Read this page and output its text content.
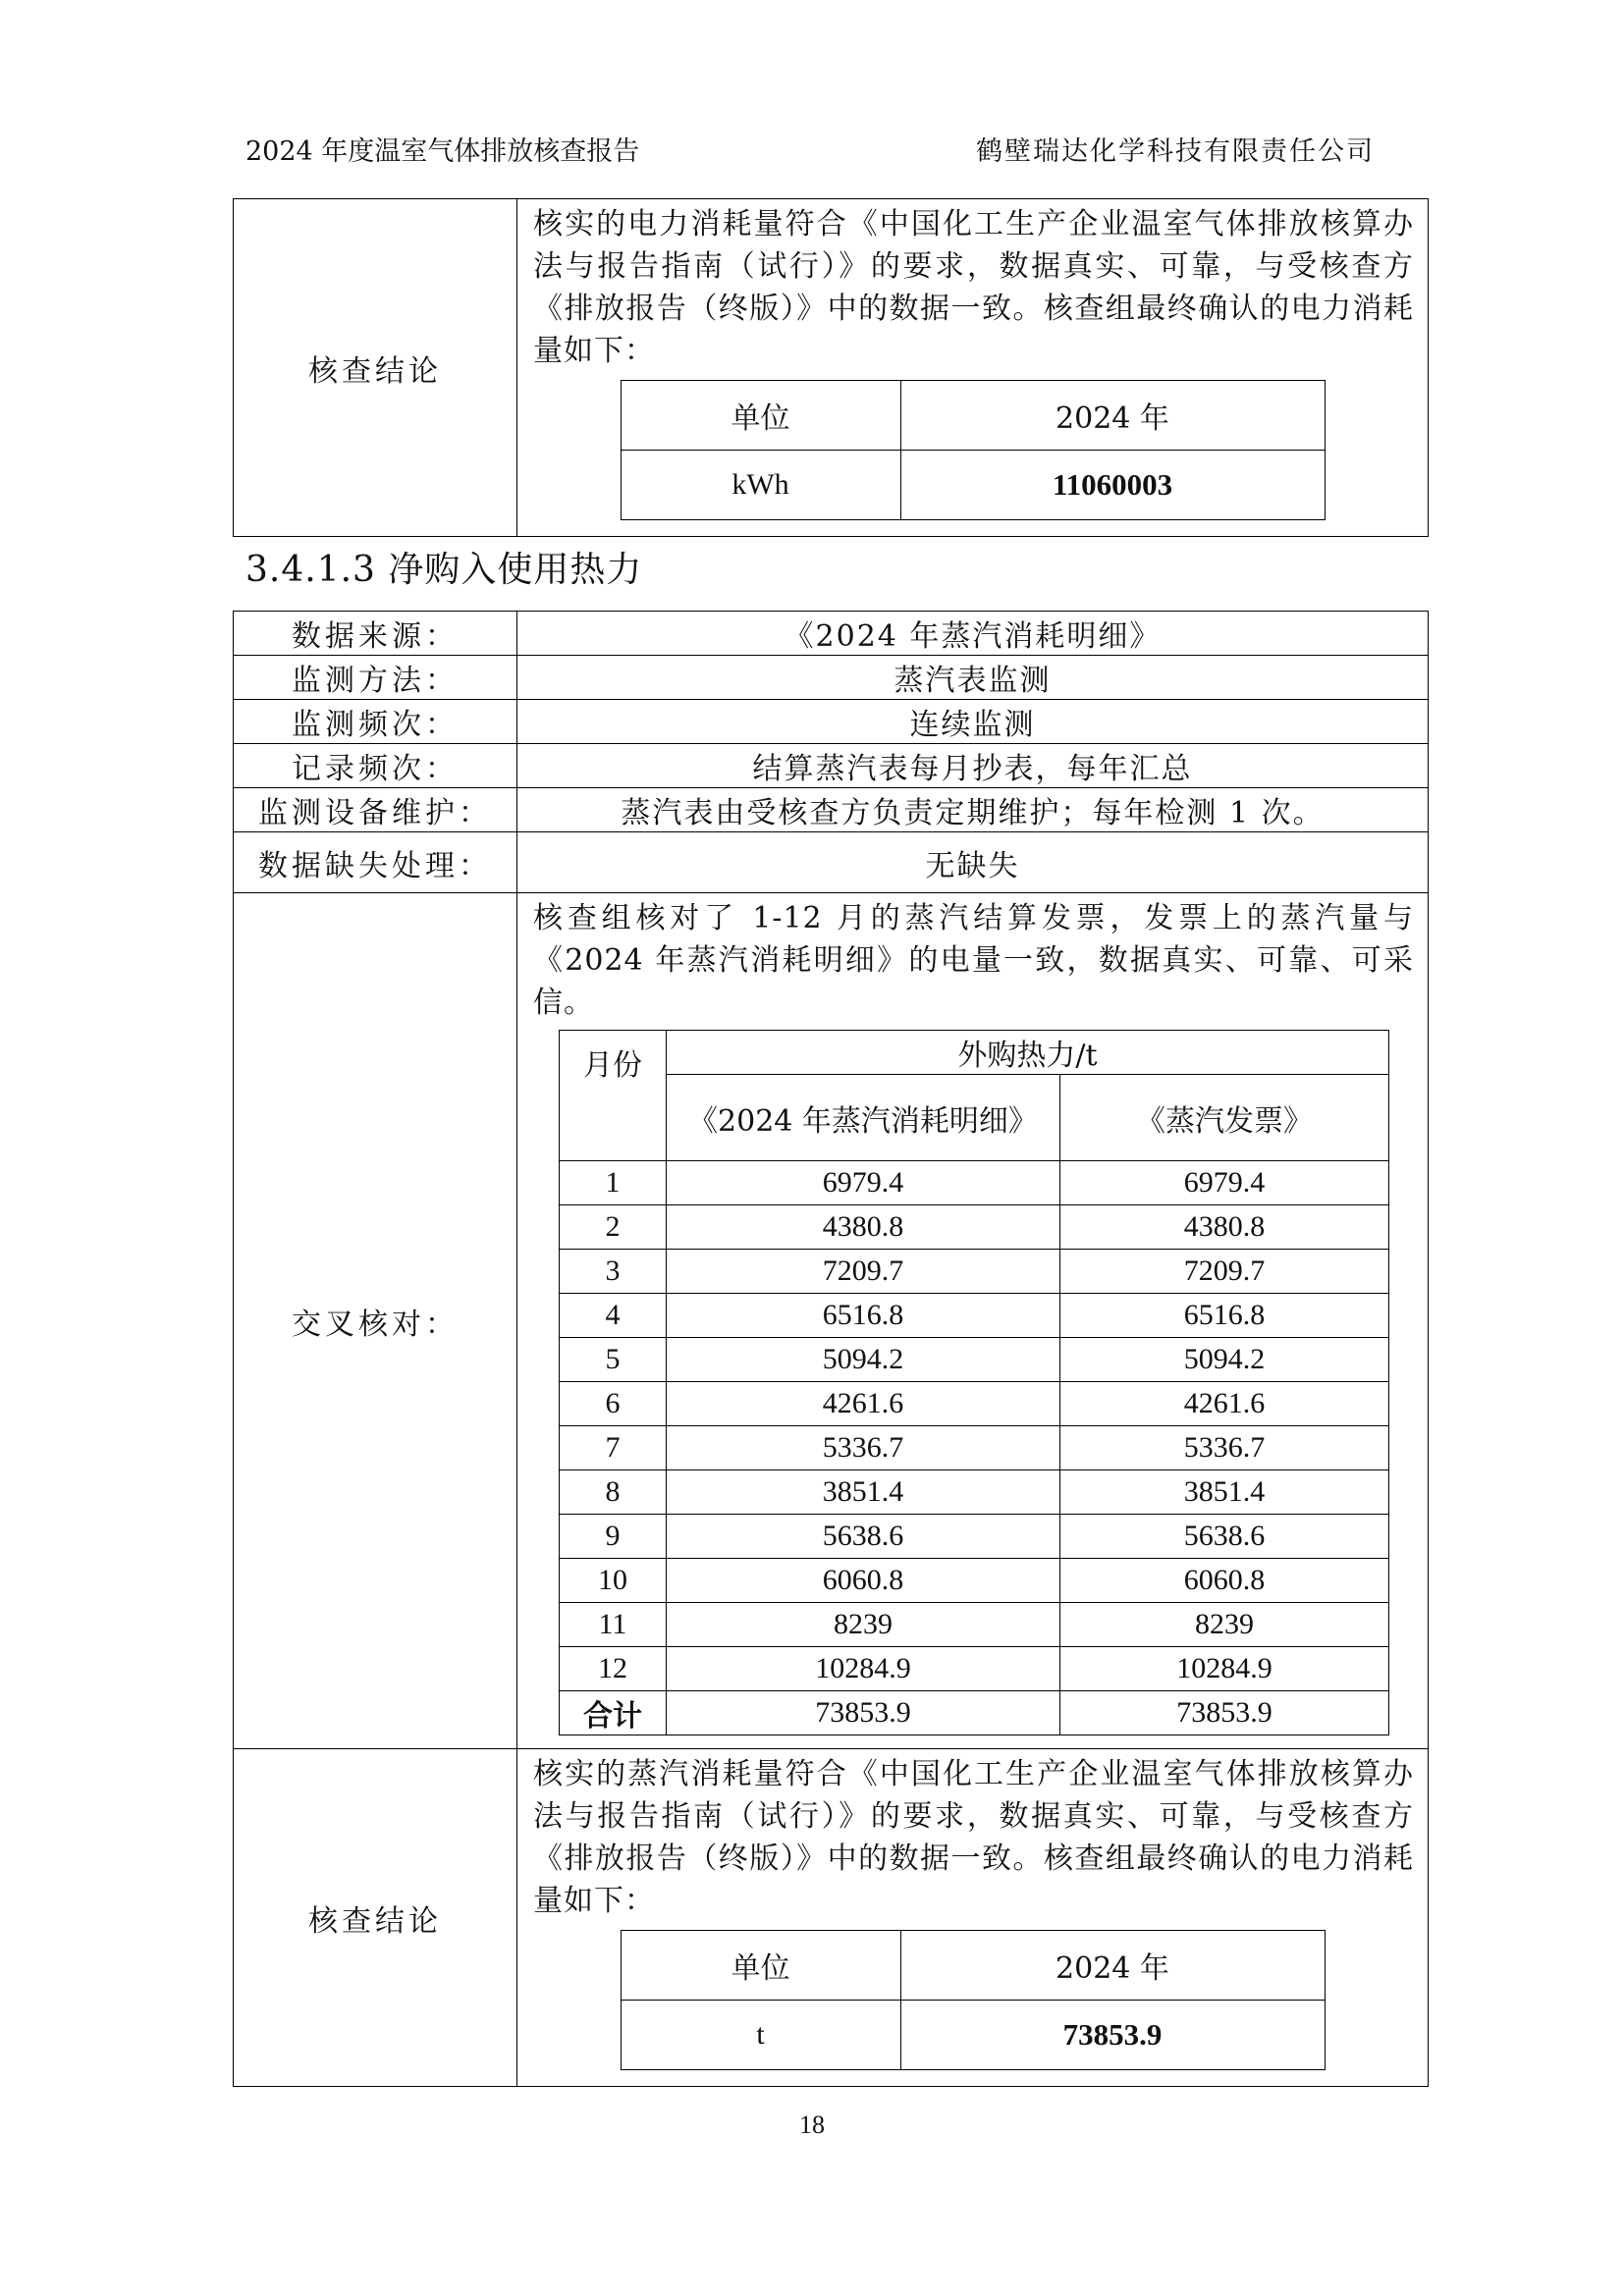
2024 年度温室气体排放核查报告	鹤壁瑞达化学科技有限责任公司
核查结论	
核实的电力消耗量符合《中国化工生产企业温室气体排放核算办法与报告指南（试行）》的要求，数据真实、可靠，与受核查方《排放报告（终版）》中的数据一致。核查组最终确认的电力消耗量如下：
单位	2024 年
kWh	11060003
3.4.1.3 净购入使用热力
数据来源：	《2024 年蒸汽消耗明细》
监测方法：	蒸汽表监测
监测频次：	连续监测
记录频次：	结算蒸汽表每月抄表，每年汇总
监测设备维护：	蒸汽表由受核查方负责定期维护；每年检测 1 次。
数据缺失处理：	无缺失
交叉核对：	
核查组核对了 1-12 月的蒸汽结算发票，发票上的蒸汽量与《2024 年蒸汽消耗明细》的电量一致，数据真实、可靠、可采信。
月份	外购热力/t
《2024 年蒸汽消耗明细》	《蒸汽发票》
1	6979.4	6979.4
2	4380.8	4380.8
3	7209.7	7209.7
4	6516.8	6516.8
5	5094.2	5094.2
6	4261.6	4261.6
7	5336.7	5336.7
8	3851.4	3851.4
9	5638.6	5638.6
10	6060.8	6060.8
11	8239	8239
12	10284.9	10284.9
合计	73853.9	73853.9

核查结论	
核实的蒸汽消耗量符合《中国化工生产企业温室气体排放核算办法与报告指南（试行）》的要求，数据真实、可靠，与受核查方《排放报告（终版）》中的数据一致。核查组最终确认的电力消耗量如下：
单位	2024 年
t	73853.9
18
